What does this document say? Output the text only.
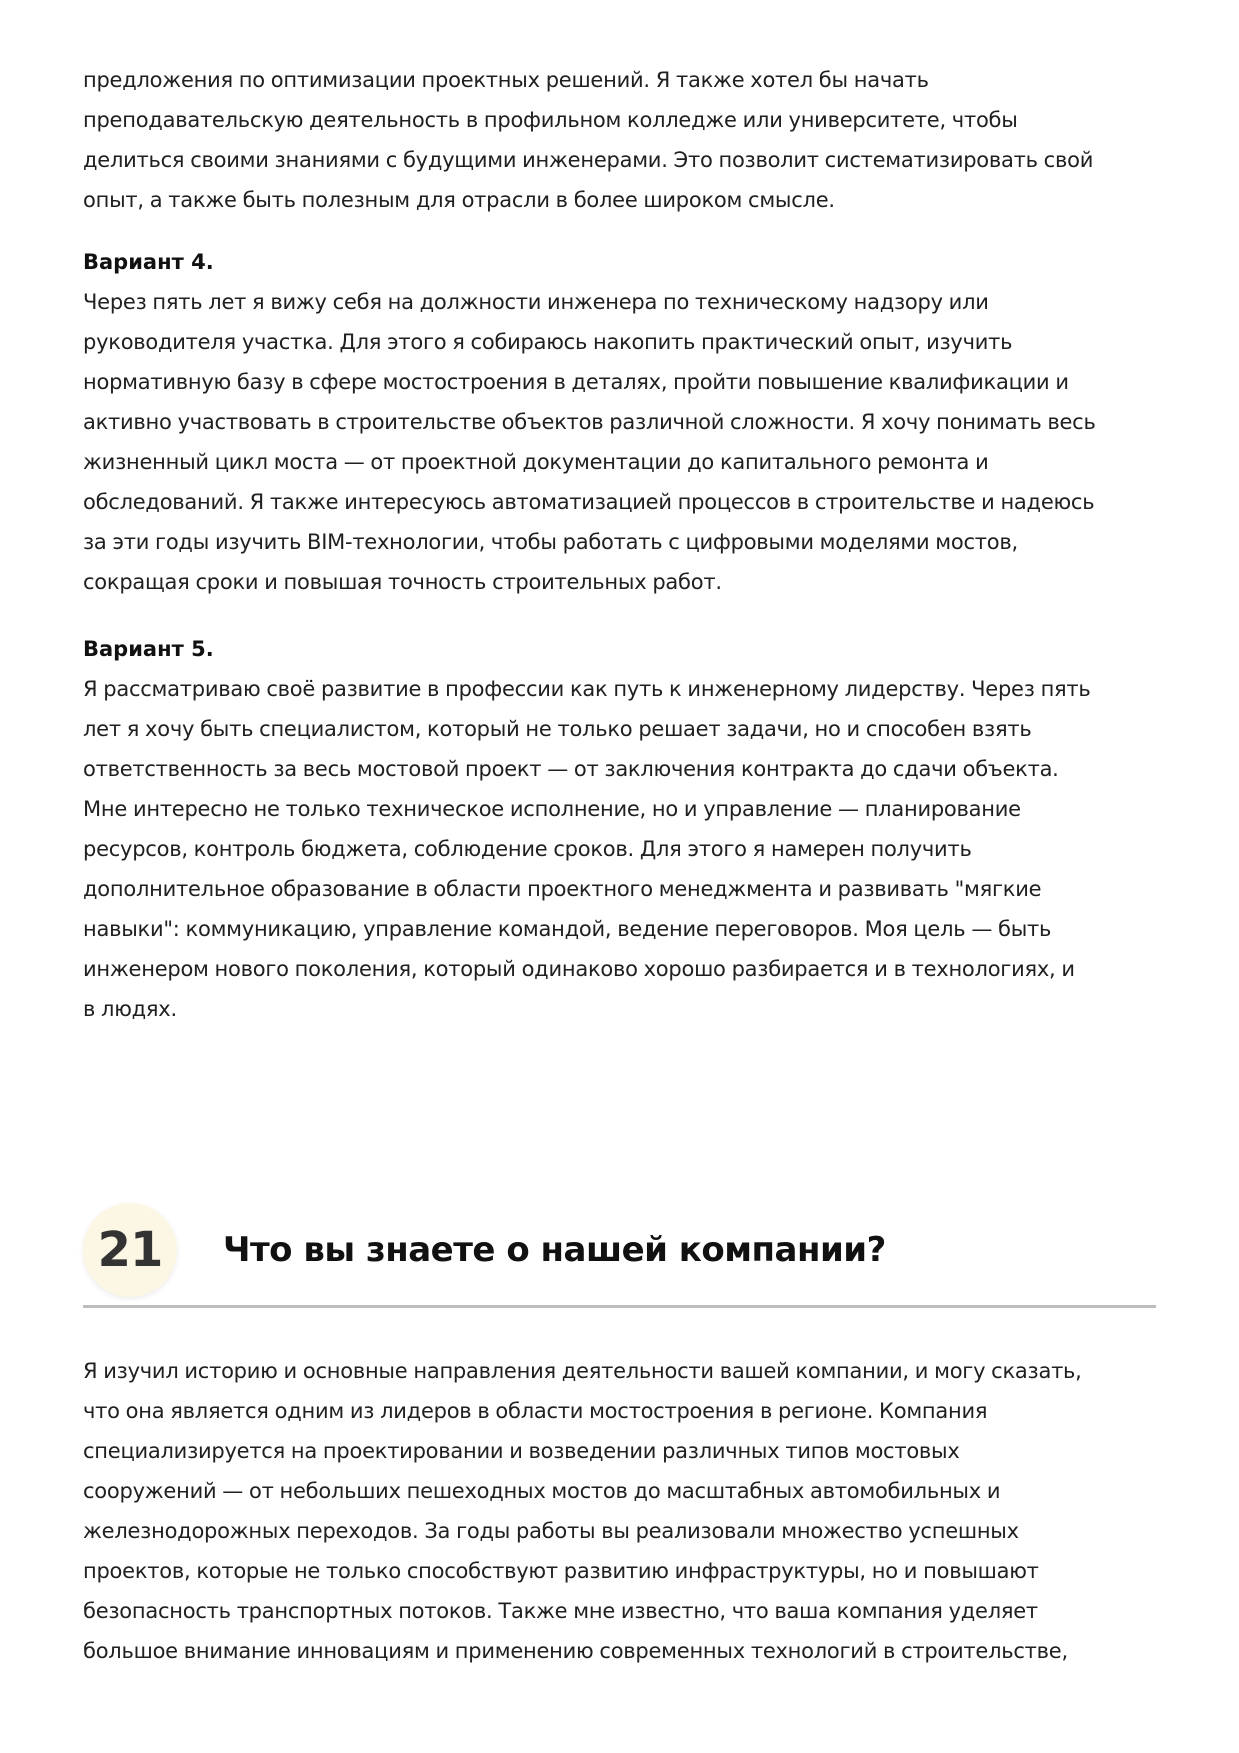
предложения по оптимизации проектных решений. Я также хотел бы начать
преподавательскую деятельность в профильном колледже или университете, чтобы
делиться своими знаниями с будущими инженерами. Это позволит систематизировать свой
опыт, а также быть полезным для отрасли в более широком смысле.

Вариант 4.

Через пять лет я вижу себя на должности инженера по техническому надзору или
руководителя участка. Для этого я собираюсь накопить практический опыт, изучить
нормативную базу в сфере мостостроения в деталях, пройти повышение квалификации и
активно участвовать в строительстве объектов различной сложности. Я хочу понимать весь
жизненный цикл моста — от проектной документации до капитального ремонта и
обследований. Я также интересуюсь автоматизацией процессов в строительстве и надеюсь
за эти годы изучить BIM-технологии, чтобы работать с цифровыми моделями мостов,
сокращая сроки и повышая точность строительных работ.

Вариант 5.

Я рассматриваю своё развитие в профессии как путь к инженерному лидерству. Через пять
лет я хочу быть специалистом, который не только решает задачи, но и способен взять
ответственность за весь мостовой проект — от заключения контракта до сдачи объекта.
Мне интересно не только техническое исполнение, но и управление — планирование
ресурсов, контроль бюджета, соблюдение сроков. Для этого я намерен получить
дополнительное образование в области проектного менеджмента и развивать "мягкие
навыки": коммуникацию, управление командой, ведение переговоров. Моя цель — быть
инженером нового поколения, который одинаково хорошо разбирается и в технологиях, и
в людях.

21	Что вы знаете о нашей компании?

Я изучил историю и основные направления деятельности вашей компании, и могу сказать,
что она является одним из лидеров в области мостостроения в регионе. Компания
специализируется на проектировании и возведении различных типов мостовых
сооружений — от небольших пешеходных мостов до масштабных автомобильных и
железнодорожных переходов. За годы работы вы реализовали множество успешных
проектов, которые не только способствуют развитию инфраструктуры, но и повышают
безопасность транспортных потоков. Также мне известно, что ваша компания уделяет
большое внимание инновациям и применению современных технологий в строительстве,
